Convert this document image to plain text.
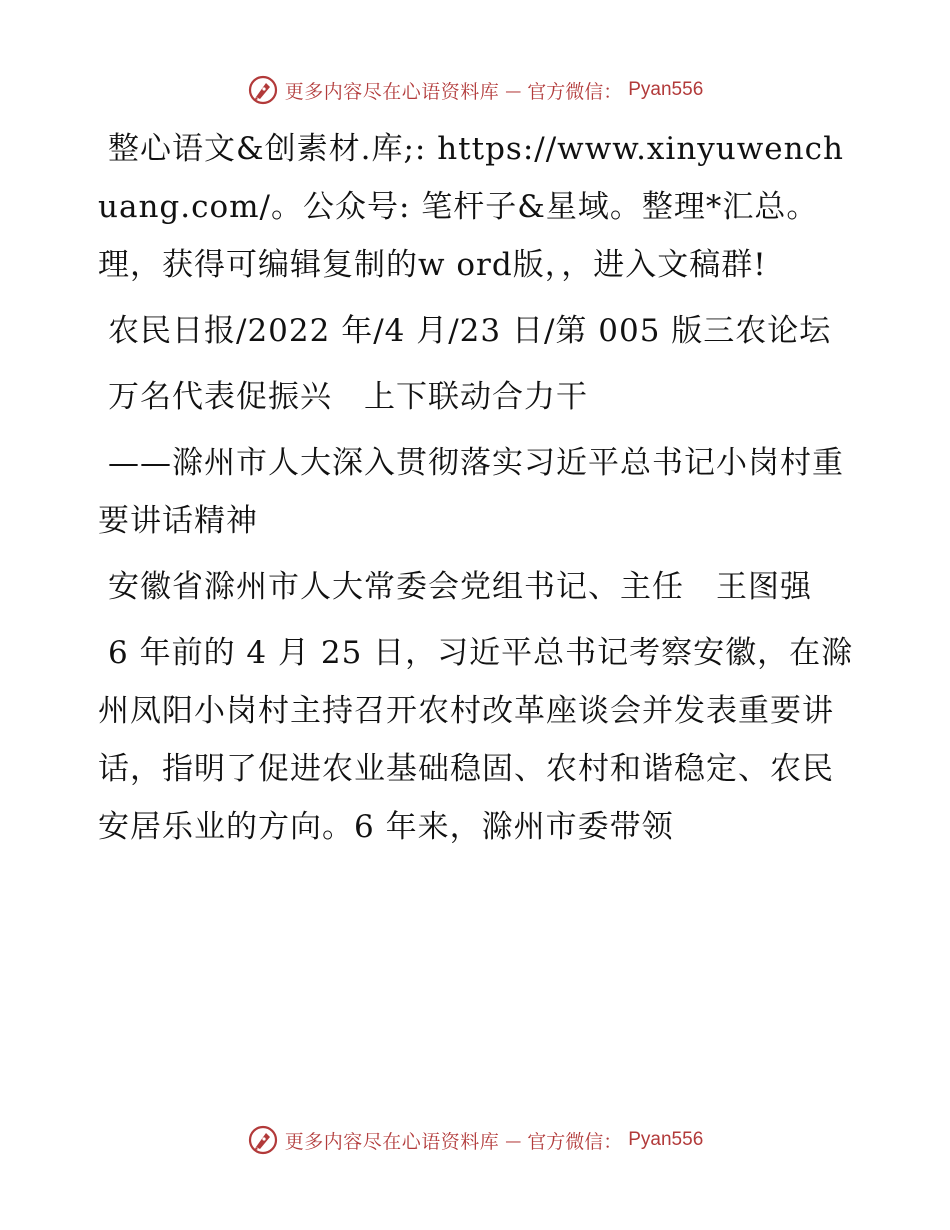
更多内容尽在心语资料库 — 官方微信： Pyan556

整心语文&创素材.库;: https://www.xinyuwenchuang.com/。公众号: 笔杆子&星域。整理*汇总。理，获得可编辑复制的w ord版，，进入文稿群!

农民日报/2022 年/4 月/23 日/第 005 版三农论坛

万名代表促振兴　上下联动合力干

——滁州市人大深入贯彻落实习近平总书记小岗村重要讲话精神

安徽省滁州市人大常委会党组书记、主任　王图强

6 年前的 4 月 25 日，习近平总书记考察安徽，在滁州凤阳小岗村主持召开农村改革座谈会并发表重要讲话，指明了促进农业基础稳固、农村和谐稳定、农民安居乐业的方向。6 年来，滁州市委带领

更多内容尽在心语资料库 — 官方微信： Pyan556
